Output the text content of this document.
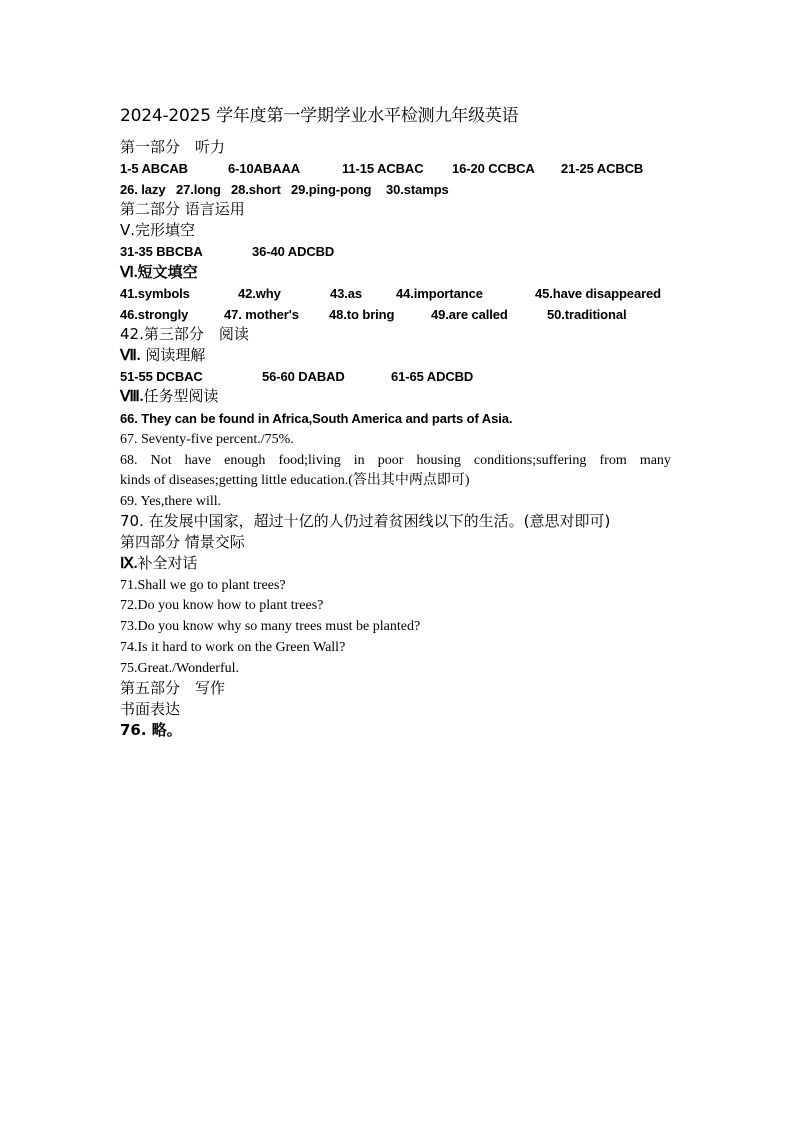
2024-2025 学年度第一学期学业水平检测九年级英语
第一部分　听力
1-5 ABCAB	6-10ABAAA	11-15 ACBAC 16-20 CCBCA 21-25 ACBCB
26. lazy 27.long 28.short 29.ping-pong 30.stamps
第二部分 语言运用
Ⅴ.完形填空
31-35 BBCBA	36-40 ADCBD
Ⅵ.短文填空
41.symbols	42.why	43.as	44.importance	45.have disappeared
46.strongly	47. mother's 48.to bring	49.are called	50.traditional
42.第三部分　阅读
Ⅶ. 阅读理解
51-55 DCBAC	56-60 DABAD	61-65 ADCBD
Ⅷ.任务型阅读
66. They can be found in Africa,South America and parts of Asia.
67. Seventy-five percent./75%.
68. Not have enough food;living in poor housing conditions;suffering from many
kinds of diseases;getting little education.(答出其中两点即可)
69. Yes,there will.
70. 在发展中国家，超过十亿的人仍过着贫困线以下的生活。(意思对即可)
第四部分 情景交际
Ⅸ.补全对话
71.Shall we go to plant trees?
72.Do you know how to plant trees?
73.Do you know why so many trees must be planted?
74.Is it hard to work on the Green Wall?
75.Great./Wonderful.
第五部分　写作
书面表达
76. 略。
